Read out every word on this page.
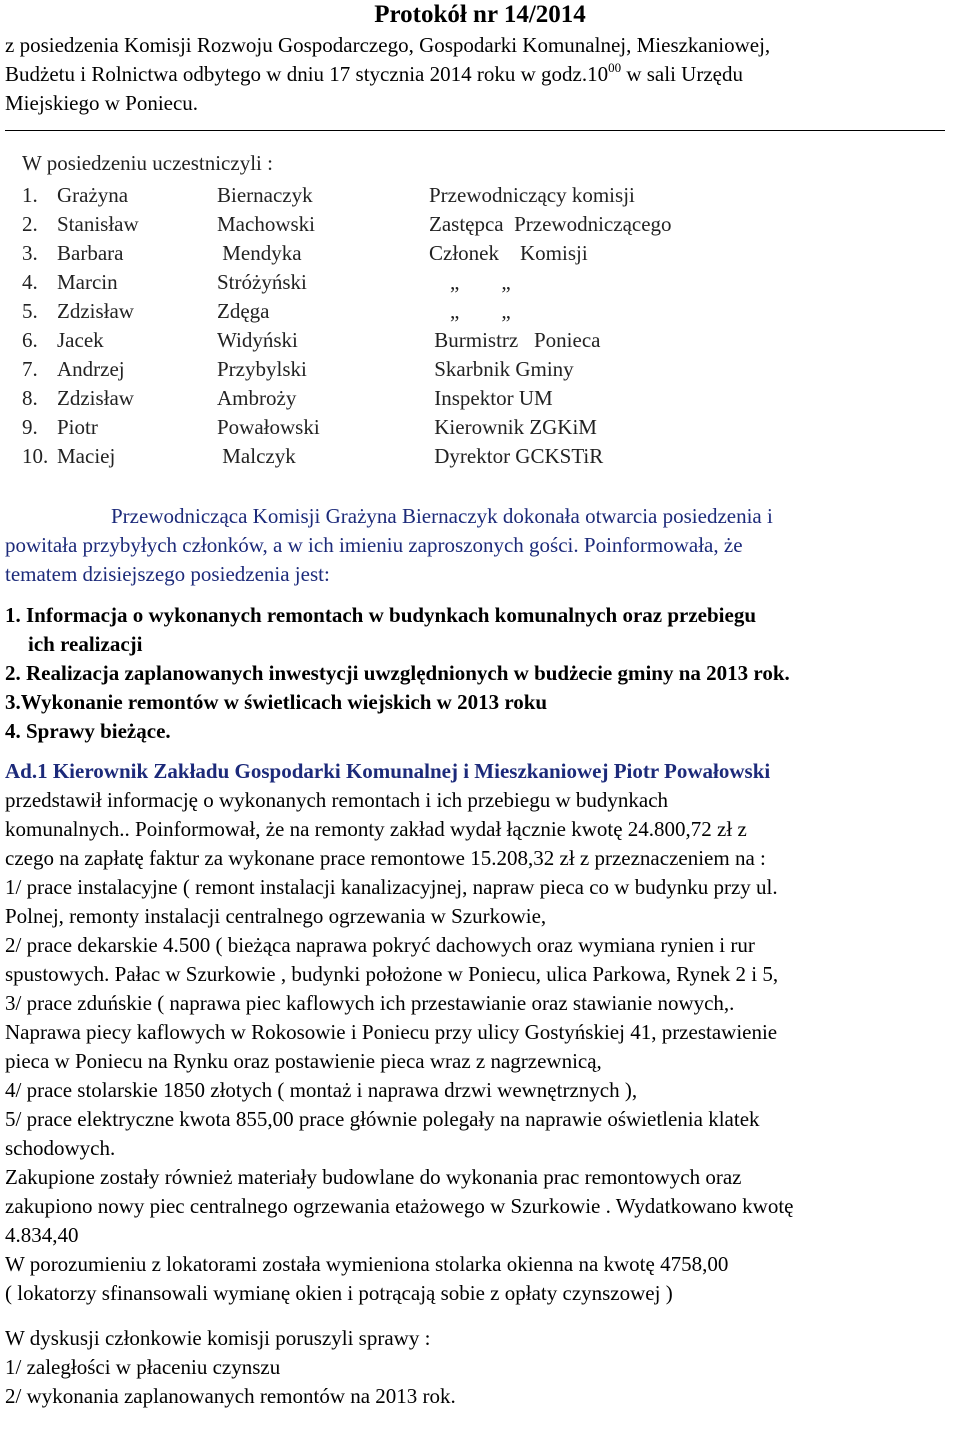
Protokół nr 14/2014
z posiedzenia Komisji Rozwoju Gospodarczego, Gospodarki Komunalnej, Mieszkaniowej,
Budżetu i Rolnictwa odbytego w dniu 17 stycznia 2014 roku w $godz.10^{00}$ w sali Urzędu
Miejskiego w Poniecu.
W posiedzeniu uczestniczyli :
1.	Grażyna	Biernaczyk	Przewodniczący komisji
2.	Stanisław	Machowski	Zastępca  Przewodniczącego
3.	Barbara	Mendyka	Członek    Komisji
4.	Marcin	Stróżyński	„        „
5.	Zdzisław	Zdęga	„        „
6.	Jacek	Widyński	Burmistrz   Ponieca
7.	Andrzej	Przybylski	Skarbnik Gminy
8.	Zdzisław	Ambroży	Inspektor UM
9.	Piotr	Powałowski	Kierownik ZGKiM
10.	Maciej	Malczyk	Dyrektor GCKSTiR
Przewodnicząca Komisji Grażyna Biernaczyk dokonała otwarcia posiedzenia i
powitała przybyłych członków, a w ich imieniu zaproszonych gości. Poinformowała, że
tematem dzisiejszego posiedzenia jest:
1. Informacja o wykonanych remontach w budynkach komunalnych oraz przebiegu
ich realizacji
2. Realizacja zaplanowanych inwestycji uwzględnionych w budżecie gminy na 2013 rok.
3.Wykonanie remontów w świetlicach wiejskich w 2013 roku
4. Sprawy bieżące.
Ad.1 Kierownik Zakładu Gospodarki Komunalnej i Mieszkaniowej Piotr Powałowski
przedstawił informację o wykonanych remontach i ich przebiegu w budynkach
komunalnych.. Poinformował, że na remonty zakład wydał łącznie kwotę 24.800,72 zł z
czego na zapłatę faktur za wykonane prace remontowe 15.208,32 zł z przeznaczeniem na :
1/ prace instalacyjne ( remont instalacji kanalizacyjnej, napraw pieca co w budynku przy ul.
Polnej, remonty instalacji centralnego ogrzewania w Szurkowie,
2/ prace dekarskie 4.500 ( bieżąca naprawa pokryć dachowych oraz wymiana rynien i rur
spustowych. Pałac w Szurkowie , budynki położone w Poniecu, ulica Parkowa, Rynek 2 i 5,
3/ prace zduńskie ( naprawa piec kaflowych ich przestawianie oraz stawianie nowych,.
Naprawa piecy kaflowych w Rokosowie i Poniecu przy ulicy Gostyńskiej 41, przestawienie
pieca w Poniecu na Rynku oraz postawienie pieca wraz z nagrzewnicą,
4/ prace stolarskie 1850 złotych ( montaż i naprawa drzwi wewnętrznych ),
5/ prace elektryczne kwota 855,00 prace głównie polegały na naprawie oświetlenia klatek
schodowych.
Zakupione zostały również materiały budowlane do wykonania prac remontowych oraz
zakupiono nowy piec centralnego ogrzewania etażowego w Szurkowie . Wydatkowano kwotę
4.834,40
W porozumieniu z lokatorami została wymieniona stolarka okienna na kwotę 4758,00
( lokatorzy sfinansowali wymianę okien i potrącają sobie z opłaty czynszowej )
W dyskusji członkowie komisji poruszyli sprawy :
1/ zaległości w płaceniu czynszu
2/ wykonania zaplanowanych remontów na 2013 rok.
